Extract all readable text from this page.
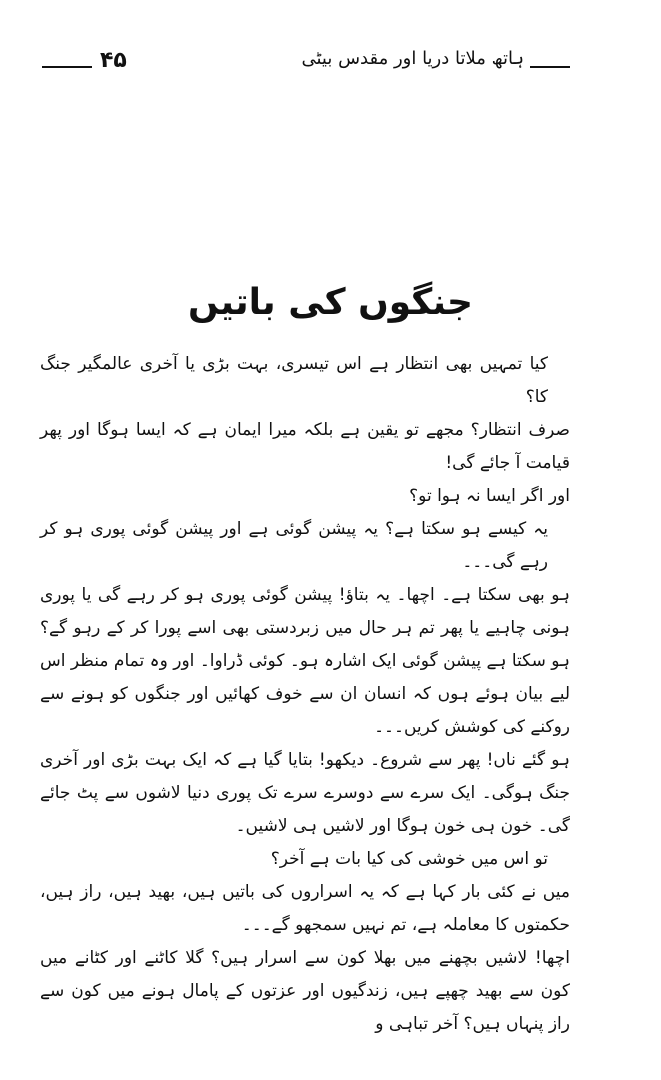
۴۵	ہاتھ ملاتا دریا اور مقدس بیٹی
جنگوں کی باتیں

کیا تمہیں بھی انتظار ہے اس تیسری، بہت بڑی یا آخری عالمگیر جنگ کا؟

صرف انتظار؟ مجھے تو یقین ہے بلکہ میرا ایمان ہے کہ ایسا ہوگا اور پھر قیامت آ جائے گی!

اور اگر ایسا نہ ہوا تو؟

یہ کیسے ہو سکتا ہے؟ یہ پیشن گوئی ہے اور پیشن گوئی پوری ہو کر رہے گی۔۔۔

ہو بھی سکتا ہے۔ اچھا۔ یہ بتاؤ! پیشن گوئی پوری ہو کر رہے گی یا پوری ہونی چاہیے یا پھر تم ہر حال میں زبردستی بھی اسے پورا کر کے رہو گے؟ ہو سکتا ہے پیشن گوئی ایک اشارہ ہو۔ کوئی ڈراوا۔ اور وہ تمام منظر اس لیے بیان ہوئے ہوں کہ انسان ان سے خوف کھائیں اور جنگوں کو ہونے سے روکنے کی کوشش کریں۔۔۔

ہو گئے ناں! پھر سے شروع۔ دیکھو! بتایا گیا ہے کہ ایک بہت بڑی اور آخری جنگ ہوگی۔ ایک سرے سے دوسرے سرے تک پوری دنیا لاشوں سے پٹ جائے گی۔ خون ہی خون ہوگا اور لاشیں ہی لاشیں۔

تو اس میں خوشی کی کیا بات ہے آخر؟

میں نے کئی بار کہا ہے کہ یہ اسراروں کی باتیں ہیں، بھید ہیں، راز ہیں، حکمتوں کا معاملہ ہے، تم نہیں سمجھو گے۔۔۔

اچھا! لاشیں بچھنے میں بھلا کون سے اسرار ہیں؟ گلا کاٹنے اور کٹانے میں کون سے بھید چھپے ہیں، زندگیوں اور عزتوں کے پامال ہونے میں کون سے راز پنہاں ہیں؟ آخر تباہی و
